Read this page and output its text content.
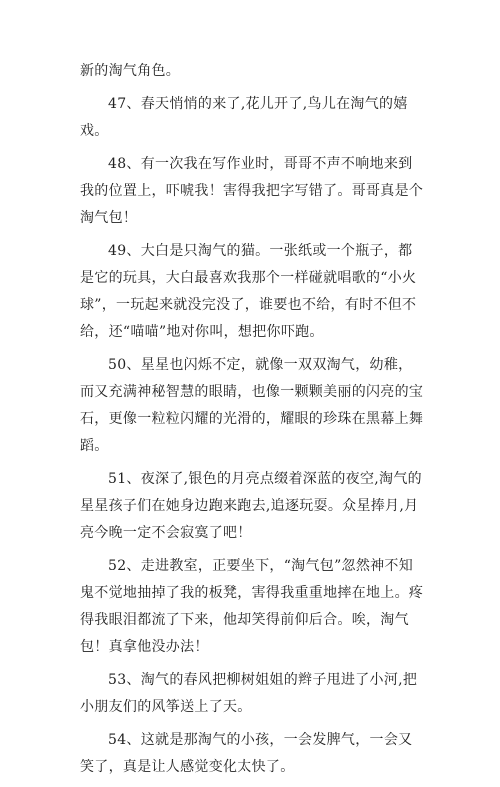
新的淘气角色。

47、春天悄悄的来了,花儿开了,鸟儿在淘气的嬉戏。

48、有一次我在写作业时，哥哥不声不响地来到我的位置上，吓唬我！害得我把字写错了。哥哥真是个淘气包！

49、大白是只淘气的猫。一张纸或一个瓶子，都是它的玩具，大白最喜欢我那个一样碰就唱歌的“小火球”，一玩起来就没完没了，谁要也不给，有时不但不给，还“喵喵”地对你叫，想把你吓跑。

50、星星也闪烁不定，就像一双双淘气，幼稚，而又充满神秘智慧的眼睛，也像一颗颗美丽的闪亮的宝石，更像一粒粒闪耀的光滑的，耀眼的珍珠在黑幕上舞蹈。

51、夜深了,银色的月亮点缀着深蓝的夜空,淘气的星星孩子们在她身边跑来跑去,追逐玩耍。众星捧月,月亮今晚一定不会寂寞了吧！

52、走进教室，正要坐下，“淘气包”忽然神不知鬼不觉地抽掉了我的板凳，害得我重重地摔在地上。疼得我眼泪都流了下来，他却笑得前仰后合。唉，淘气包！真拿他没办法！

53、淘气的春风把柳树姐姐的辫子甩进了小河,把小朋友们的风筝送上了天。

54、这就是那淘气的小孩，一会发脾气，一会又笑了，真是让人感觉变化太快了。
